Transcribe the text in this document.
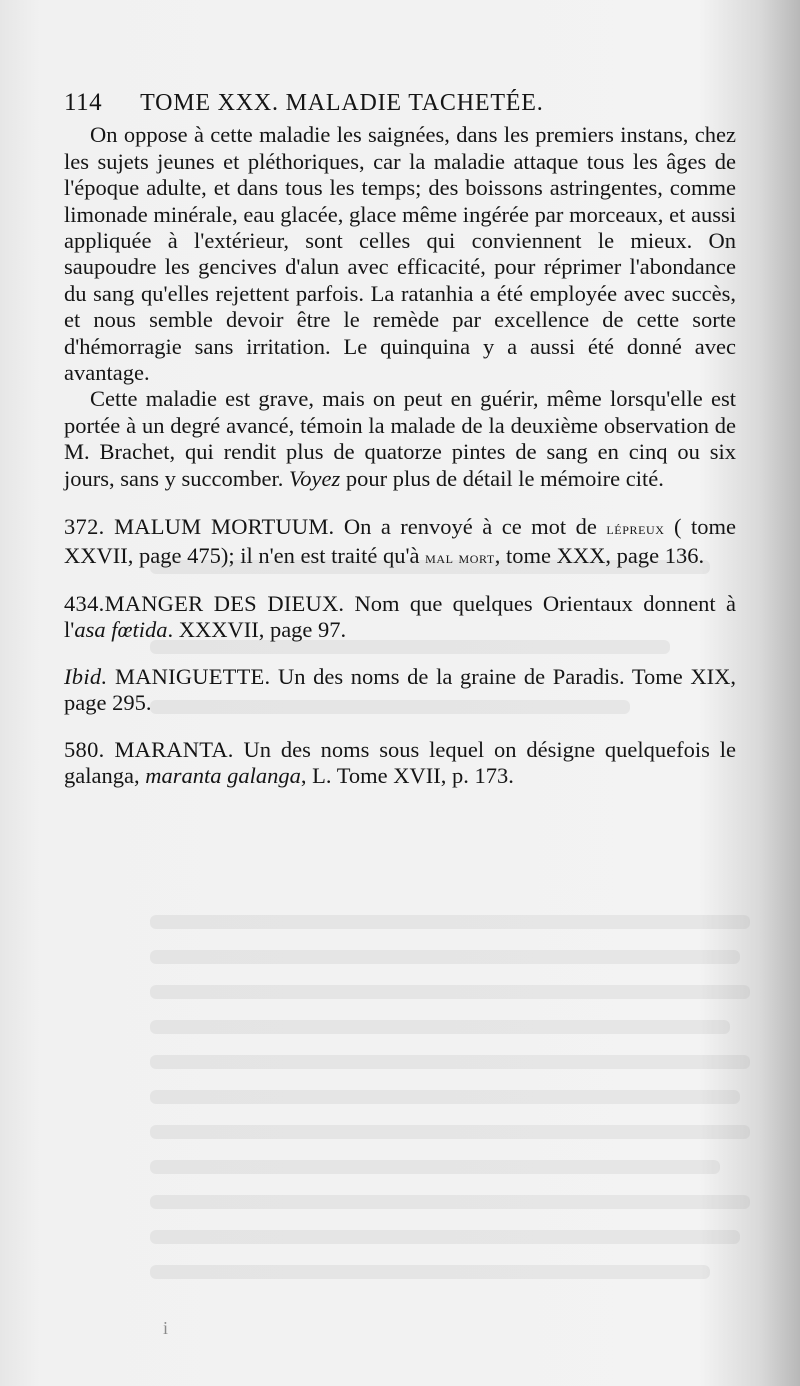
114 TOME XXX. MALADIE TACHETÉE.

On oppose à cette maladie les saignées, dans les premiers instans, chez les sujets jeunes et pléthoriques, car la maladie attaque tous les âges de l'époque adulte, et dans tous les temps; des boissons astringentes, comme limonade minérale, eau glacée, glace même ingérée par morceaux, et aussi appliquée à l'extérieur, sont celles qui conviennent le mieux. On saupoudre les gencives d'alun avec efficacité, pour réprimer l'abondance du sang qu'elles rejettent parfois. La ratanhia a été employée avec succès, et nous semble devoir être le remède par excellence de cette sorte d'hémorragie sans irritation. Le quinquina y a aussi été donné avec avantage.

Cette maladie est grave, mais on peut en guérir, même lorsqu'elle est portée à un degré avancé, témoin la malade de la deuxième observation de M. Brachet, qui rendit plus de quatorze pintes de sang en cinq ou six jours, sans y succomber. Voyez pour plus de détail le mémoire cité.

372. MALUM MORTUUM. On a renvoyé à ce mot de lépreux ( tome XXVII, page 475); il n'en est traité qu'à mal mort, tome XXX, page 136.

434.MANGER DES DIEUX. Nom que quelques Orientaux donnent à l'asa fœtida. XXXVII, page 97.

Ibid. MANIGUETTE. Un des noms de la graine de Paradis. Tome XIX, page 295.

580. MARANTA. Un des noms sous lequel on désigne quelquefois le galanga, maranta galanga, L. Tome XVII, p. 173.

i
